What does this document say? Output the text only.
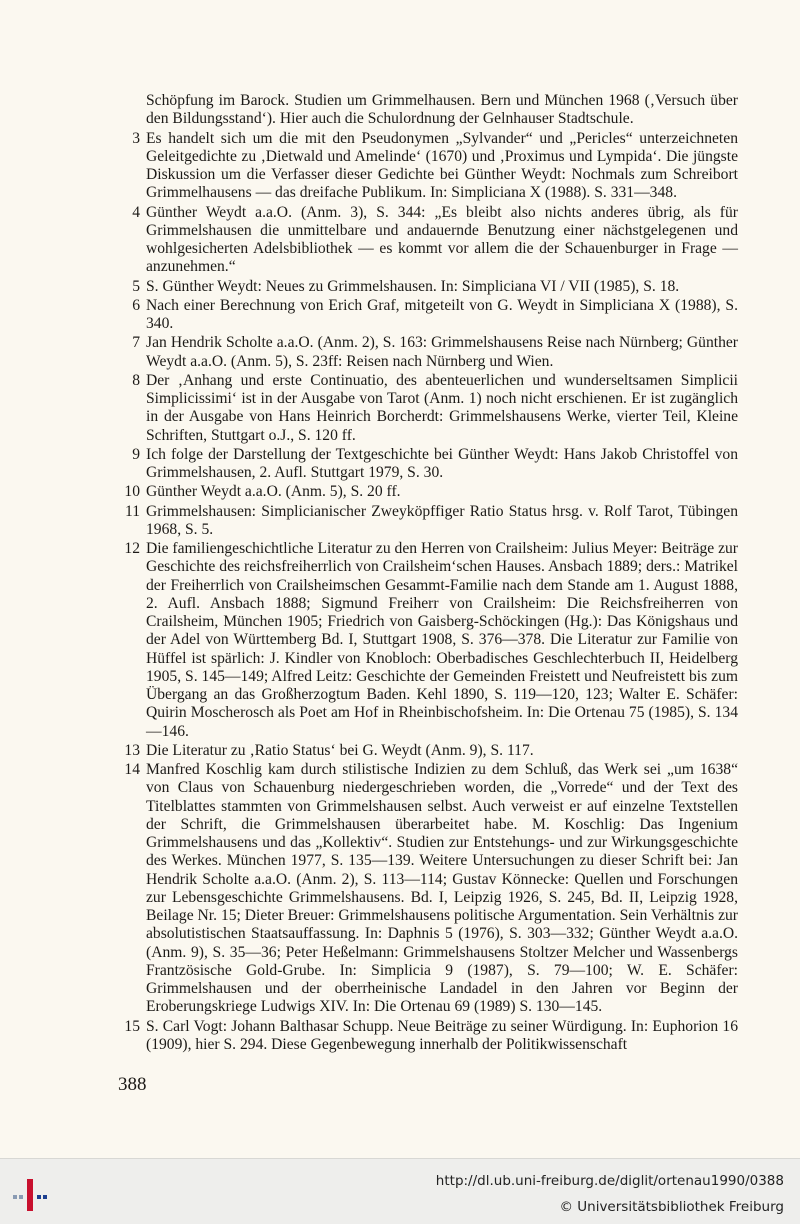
Schöpfung im Barock. Studien um Grimmelhausen. Bern und München 1968 (‚Versuch über den Bildungsstand‘). Hier auch die Schulordnung der Gelnhauser Stadtschule.
3 Es handelt sich um die mit den Pseudonymen „Sylvander“ und „Pericles“ unterzeichneten Geleitgedichte zu ‚Dietwald und Amelinde‘ (1670) und ‚Proximus und Lympida‘. Die jüngste Diskussion um die Verfasser dieser Gedichte bei Günther Weydt: Nochmals zum Schreibort Grimmelhausens — das dreifache Publikum. In: Simpliciana X (1988). S. 331—348.
4 Günther Weydt a.a.O. (Anm. 3), S. 344: „Es bleibt also nichts anderes übrig, als für Grimmelshausen die unmittelbare und andauernde Benutzung einer nächstgelegenen und wohlgesicherten Adelsbibliothek — es kommt vor allem die der Schauenburger in Frage — anzunehmen.“
5 S. Günther Weydt: Neues zu Grimmelshausen. In: Simpliciana VI / VII (1985), S. 18.
6 Nach einer Berechnung von Erich Graf, mitgeteilt von G. Weydt in Simpliciana X (1988), S. 340.
7 Jan Hendrik Scholte a.a.O. (Anm. 2), S. 163: Grimmelshausens Reise nach Nürnberg; Günther Weydt a.a.O. (Anm. 5), S. 23ff: Reisen nach Nürnberg und Wien.
8 Der ‚Anhang und erste Continuatio, des abenteuerlichen und wunderseltsamen Simplicii Simplicissimi‘ ist in der Ausgabe von Tarot (Anm. 1) noch nicht erschienen. Er ist zugänglich in der Ausgabe von Hans Heinrich Borcherdt: Grimmelshausens Werke, vierter Teil, Kleine Schriften, Stuttgart o.J., S. 120 ff.
9 Ich folge der Darstellung der Textgeschichte bei Günther Weydt: Hans Jakob Christoffel von Grimmelshausen, 2. Aufl. Stuttgart 1979, S. 30.
10 Günther Weydt a.a.O. (Anm. 5), S. 20 ff.
11 Grimmelshausen: Simplicianischer Zweyköpffiger Ratio Status hrsg. v. Rolf Tarot, Tübingen 1968, S. 5.
12 Die familiengeschichtliche Literatur zu den Herren von Crailsheim: Julius Meyer: Beiträge zur Geschichte des reichsfreiherrlich von Crailsheim‘schen Hauses. Ansbach 1889; ders.: Matrikel der Freiherrlich von Crailsheimschen Gesammt-Familie nach dem Stande am 1. August 1888, 2. Aufl. Ansbach 1888; Sigmund Freiherr von Crailsheim: Die Reichsfreiherren von Crailsheim, München 1905; Friedrich von Gaisberg-Schöckingen (Hg.): Das Königshaus und der Adel von Württemberg Bd. I, Stuttgart 1908, S. 376—378. Die Literatur zur Familie von Hüffel ist spärlich: J. Kindler von Knobloch: Oberbadisches Geschlechterbuch II, Heidelberg 1905, S. 145—149; Alfred Leitz: Geschichte der Gemeinden Freistett und Neufreistett bis zum Übergang an das Großherzogtum Baden. Kehl 1890, S. 119—120, 123; Walter E. Schäfer: Quirin Moscherosch als Poet am Hof in Rheinbischofsheim. In: Die Ortenau 75 (1985), S. 134—146.
13 Die Literatur zu ‚Ratio Status‘ bei G. Weydt (Anm. 9), S. 117.
14 Manfred Koschlig kam durch stilistische Indizien zu dem Schluß, das Werk sei „um 1638“ von Claus von Schauenburg niedergeschrieben worden, die „Vorrede“ und der Text des Titelblattes stammten von Grimmelshausen selbst. Auch verweist er auf einzelne Textstellen der Schrift, die Grimmelshausen überarbeitet habe. M. Koschlig: Das Ingenium Grimmelshausens und das „Kollektiv“. Studien zur Entstehungs- und zur Wirkungsgeschichte des Werkes. München 1977, S. 135—139. Weitere Untersuchungen zu dieser Schrift bei: Jan Hendrik Scholte a.a.O. (Anm. 2), S. 113—114; Gustav Könnecke: Quellen und Forschungen zur Lebensgeschichte Grimmelshausens. Bd. I, Leipzig 1926, S. 245, Bd. II, Leipzig 1928, Beilage Nr. 15; Dieter Breuer: Grimmelshausens politische Argumentation. Sein Verhältnis zur absolutistischen Staatsauffassung. In: Daphnis 5 (1976), S. 303—332; Günther Weydt a.a.O. (Anm. 9), S. 35—36; Peter Heßelmann: Grimmelshausens Stoltzer Melcher und Wassenbergs Frantzösische Gold-Grube. In: Simplicia 9 (1987), S. 79—100; W. E. Schäfer: Grimmelshausen und der oberrheinische Landadel in den Jahren vor Beginn der Eroberungskriege Ludwigs XIV. In: Die Ortenau 69 (1989) S. 130—145.
15 S. Carl Vogt: Johann Balthasar Schupp. Neue Beiträge zu seiner Würdigung. In: Euphorion 16 (1909), hier S. 294. Diese Gegenbewegung innerhalb der Politikwissenschaft
388
http://dl.ub.uni-freiburg.de/diglit/ortenau1990/0388
© Universitätsbibliothek Freiburg
